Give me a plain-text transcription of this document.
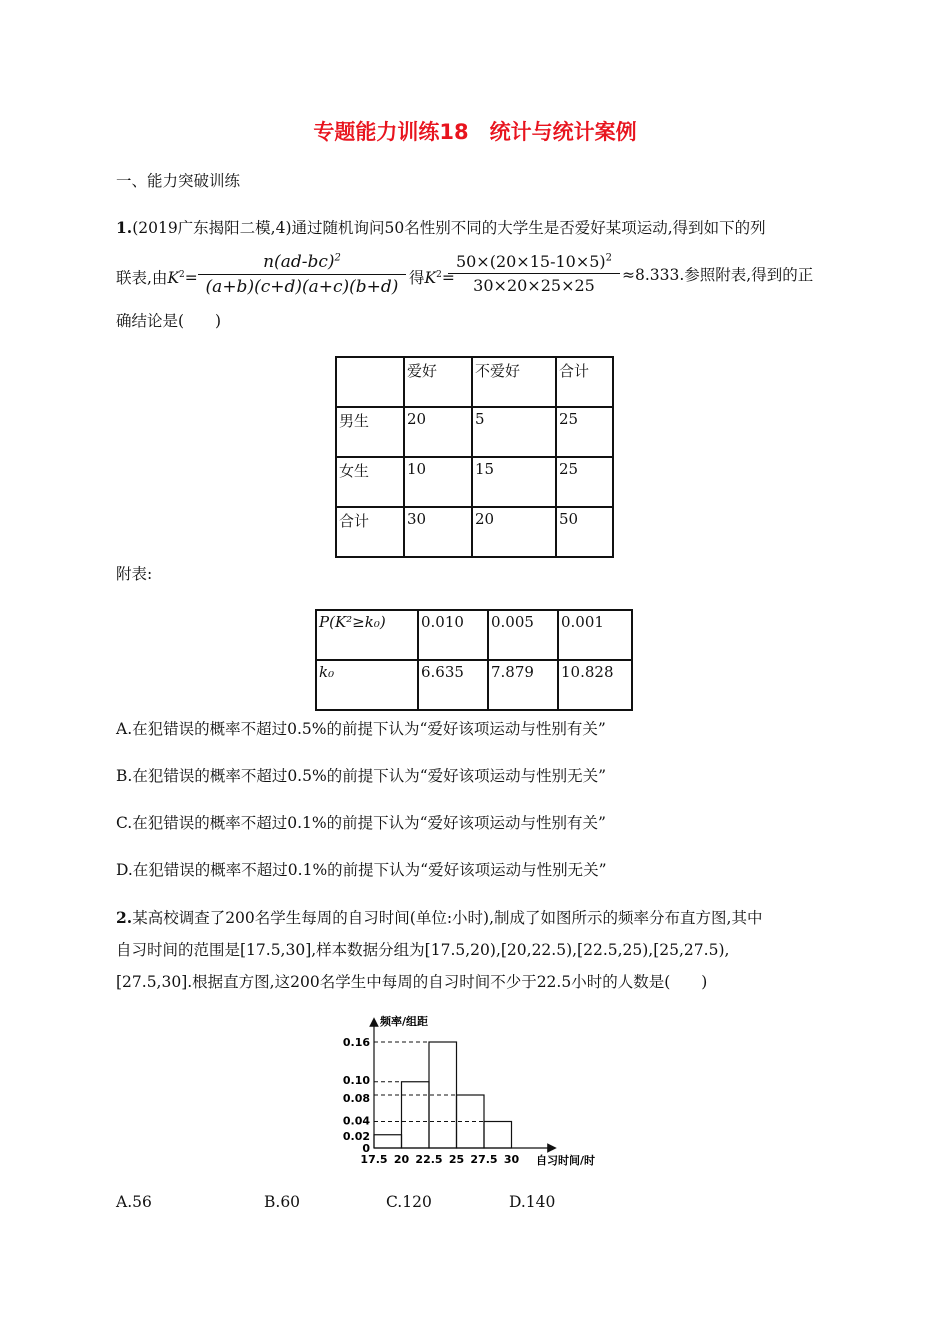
专题能力训练18　统计与统计案例
一、能力突破训练
1.(2019广东揭阳二模,4)通过随机询问50名性别不同的大学生是否爱好某项运动,得到如下的列
联表,由$K^2=$
$n(ad-bc)^2$
(a+b)(c+d)(a+c)(b+d) 得$K^2=$
$50\times(20\times 15-10\times 5)^2$
30×20×25×25
≈8.333.参照附表,得到的正
确结论是(　　)
	爱好	不爱好	合计
男生	20	5	25
女生	10	15	25
合计	30	20	50
附表:
P(K²≥k₀)	0.010	0.005	0.001
k₀	6.635	7.879	10.828
A.在犯错误的概率不超过0.5%的前提下认为“爱好该项运动与性别有关”
B.在犯错误的概率不超过0.5%的前提下认为“爱好该项运动与性别无关”
C.在犯错误的概率不超过0.1%的前提下认为“爱好该项运动与性别有关”
D.在犯错误的概率不超过0.1%的前提下认为“爱好该项运动与性别无关”
2.某高校调查了200名学生每周的自习时间(单位:小时),制成了如图所示的频率分布直方图,其中
自习时间的范围是[17.5,30],样本数据分组为[17.5,20),[20,22.5),[22.5,25),[25,27.5),
[27.5,30].根据直方图,这200名学生中每周的自习时间不少于22.5小时的人数是(　　)
频率/组距
自习时间/时
0.16
0.10
0.08
0.04
0.02
0
17.5 20 22.5 25 27.5 30
A.56	B.60	C.120	D.140
